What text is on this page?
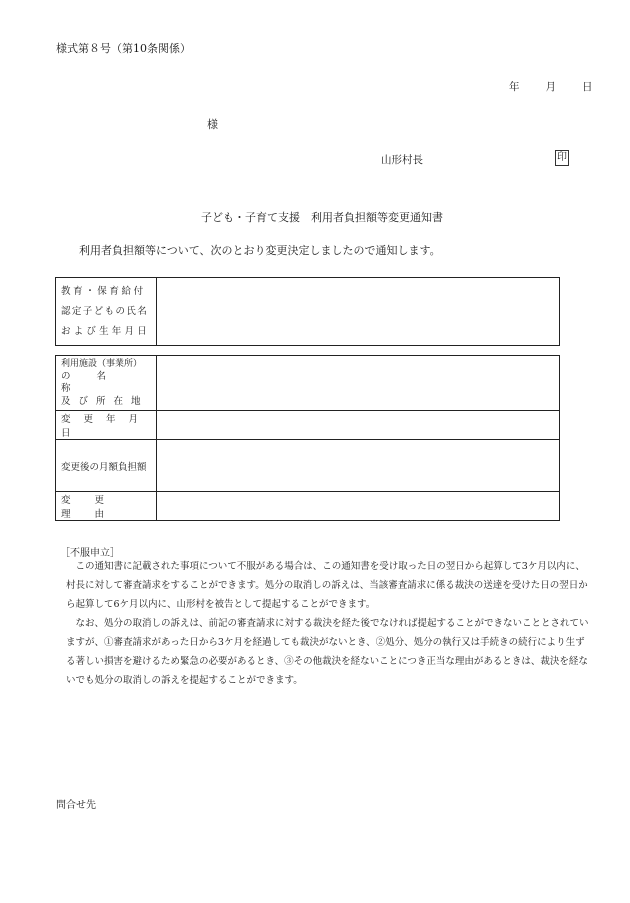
様式第８号（第10条関係）
年 月 日
様
山形村長	印
子ども・子育て支援　利用者負担額等変更通知書
利用者負担額等について、次のとおり変更決定しましたので通知します。
教育・保育給付
認定子どもの氏名
および生年月日

利用施設（事業所）
の名称
及び所在地	

変更年月日	
変更後の月額負担額	
変更理由	
［不服申立］
この通知書に記載された事項について不服がある場合は、この通知書を受け取った日の翌日から起算して3ケ月以内に、村長に対して審査請求をすることができます。処分の取消しの訴えは、当該審査請求に係る裁決の送達を受けた日の翌日から起算して6ケ月以内に、山形村を被告として提起することができます。
なお、処分の取消しの訴えは、前記の審査請求に対する裁決を経た後でなければ提起することができないこととされていますが、①審査請求があった日から3ケ月を経過しても裁決がないとき、②処分、処分の執行又は手続きの続行により生ずる著しい損害を避けるため緊急の必要があるとき、③その他裁決を経ないことにつき正当な理由があるときは、裁決を経ないでも処分の取消しの訴えを提起することができます。
問合せ先
